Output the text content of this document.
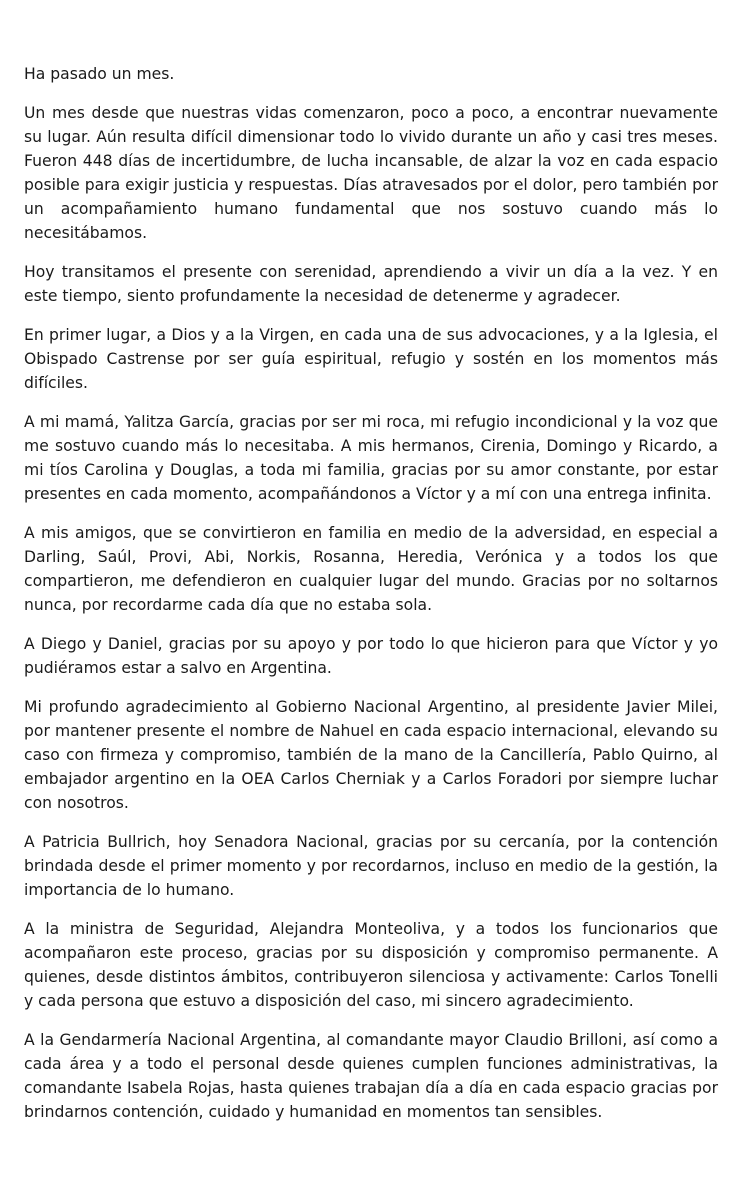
Ha pasado un mes.

Un mes desde que nuestras vidas comenzaron, poco a poco, a encontrar nuevamente su lugar. Aún resulta difícil dimensionar todo lo vivido durante un año y casi tres meses. Fueron 448 días de incertidumbre, de lucha incansable, de alzar la voz en cada espacio posible para exigir justicia y respuestas. Días atravesados por el dolor, pero también por un acompañamiento humano fundamental que nos sostuvo cuando más lo necesitábamos.

Hoy transitamos el presente con serenidad, aprendiendo a vivir un día a la vez. Y en este tiempo, siento profundamente la necesidad de detenerme y agradecer.

En primer lugar, a Dios y a la Virgen, en cada una de sus advocaciones, y a la Iglesia, el Obispado Castrense por ser guía espiritual, refugio y sostén en los momentos más difíciles.

A mi mamá, Yalitza García, gracias por ser mi roca, mi refugio incondicional y la voz que me sostuvo cuando más lo necesitaba. A mis hermanos, Cirenia, Domingo y Ricardo, a mi tíos Carolina y Douglas, a toda mi familia, gracias por su amor constante, por estar presentes en cada momento, acompañándonos a Víctor y a mí con una entrega infinita.

A mis amigos, que se convirtieron en familia en medio de la adversidad, en especial a Darling, Saúl, Provi, Abi, Norkis, Rosanna, Heredia, Verónica y a todos los que compartieron, me defendieron en cualquier lugar del mundo. Gracias por no soltarnos nunca, por recordarme cada día que no estaba sola.

A Diego y Daniel, gracias por su apoyo y por todo lo que hicieron para que Víctor y yo pudiéramos estar a salvo en Argentina.

Mi profundo agradecimiento al Gobierno Nacional Argentino, al presidente Javier Milei, por mantener presente el nombre de Nahuel en cada espacio internacional, elevando su caso con firmeza y compromiso, también de la mano de la Cancillería, Pablo Quirno, al embajador argentino en la OEA Carlos Cherniak y a Carlos Foradori por siempre luchar con nosotros.

A Patricia Bullrich, hoy Senadora Nacional, gracias por su cercanía, por la contención brindada desde el primer momento y por recordarnos, incluso en medio de la gestión, la importancia de lo humano.

A la ministra de Seguridad, Alejandra Monteoliva, y a todos los funcionarios que acompañaron este proceso, gracias por su disposición y compromiso permanente. A quienes, desde distintos ámbitos, contribuyeron silenciosa y activamente: Carlos Tonelli y cada persona que estuvo a disposición del caso, mi sincero agradecimiento.

A la Gendarmería Nacional Argentina, al comandante mayor Claudio Brilloni, así como a cada área y a todo el personal desde quienes cumplen funciones administrativas, la comandante Isabela Rojas, hasta quienes trabajan día a día en cada espacio gracias por brindarnos contención, cuidado y humanidad en momentos tan sensibles.
